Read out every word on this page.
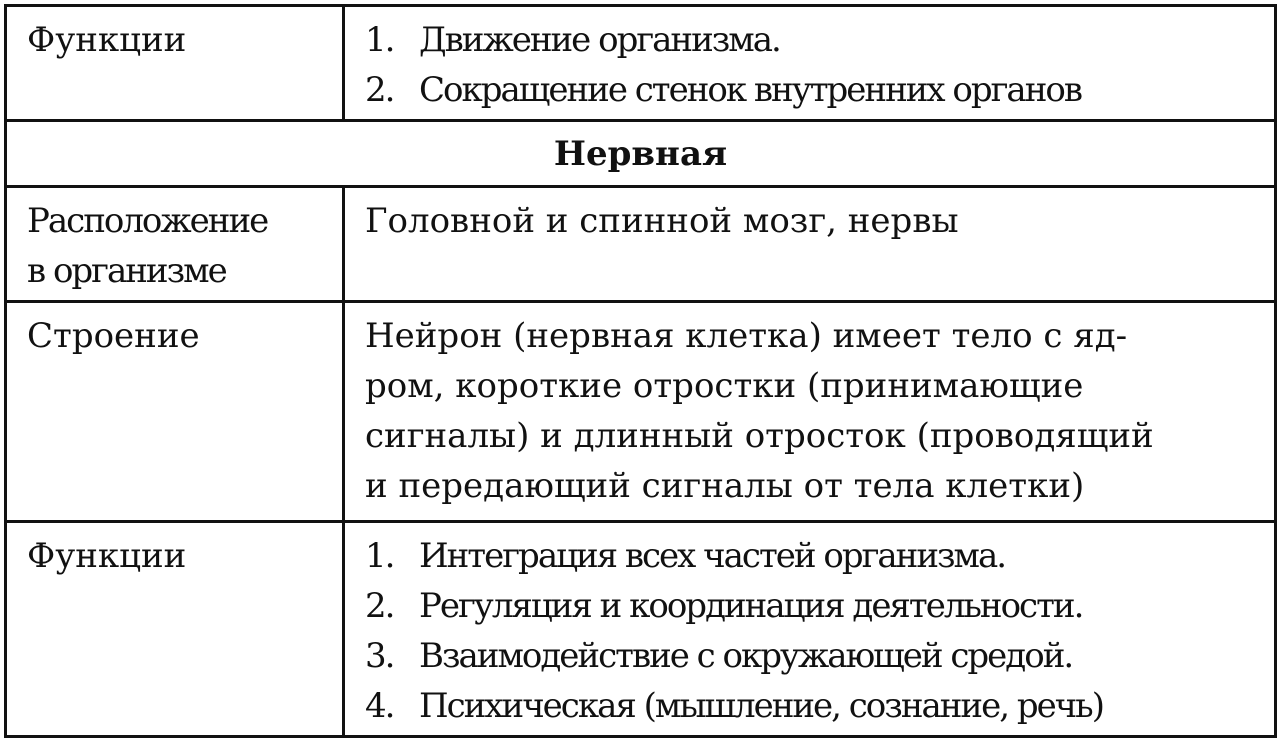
Функции	1. Движение организма.
2. Сокращение стенок внутренних органов

Нервная	

Расположение
в организме	Головной и спинной мозг, нервы
Строение	Нейрон (нервная клетка) имеет тело с яд-
ром, короткие отростки (принимающие
сигналы) и длинный отросток (проводящий
и передающий сигналы от тела клетки)

Функции	1. Интеграция всех частей организма.
2. Регуляция и координация деятельности.
3. Взаимодействие с окружающей средой.
4. Психическая (мышление, сознание, речь)
